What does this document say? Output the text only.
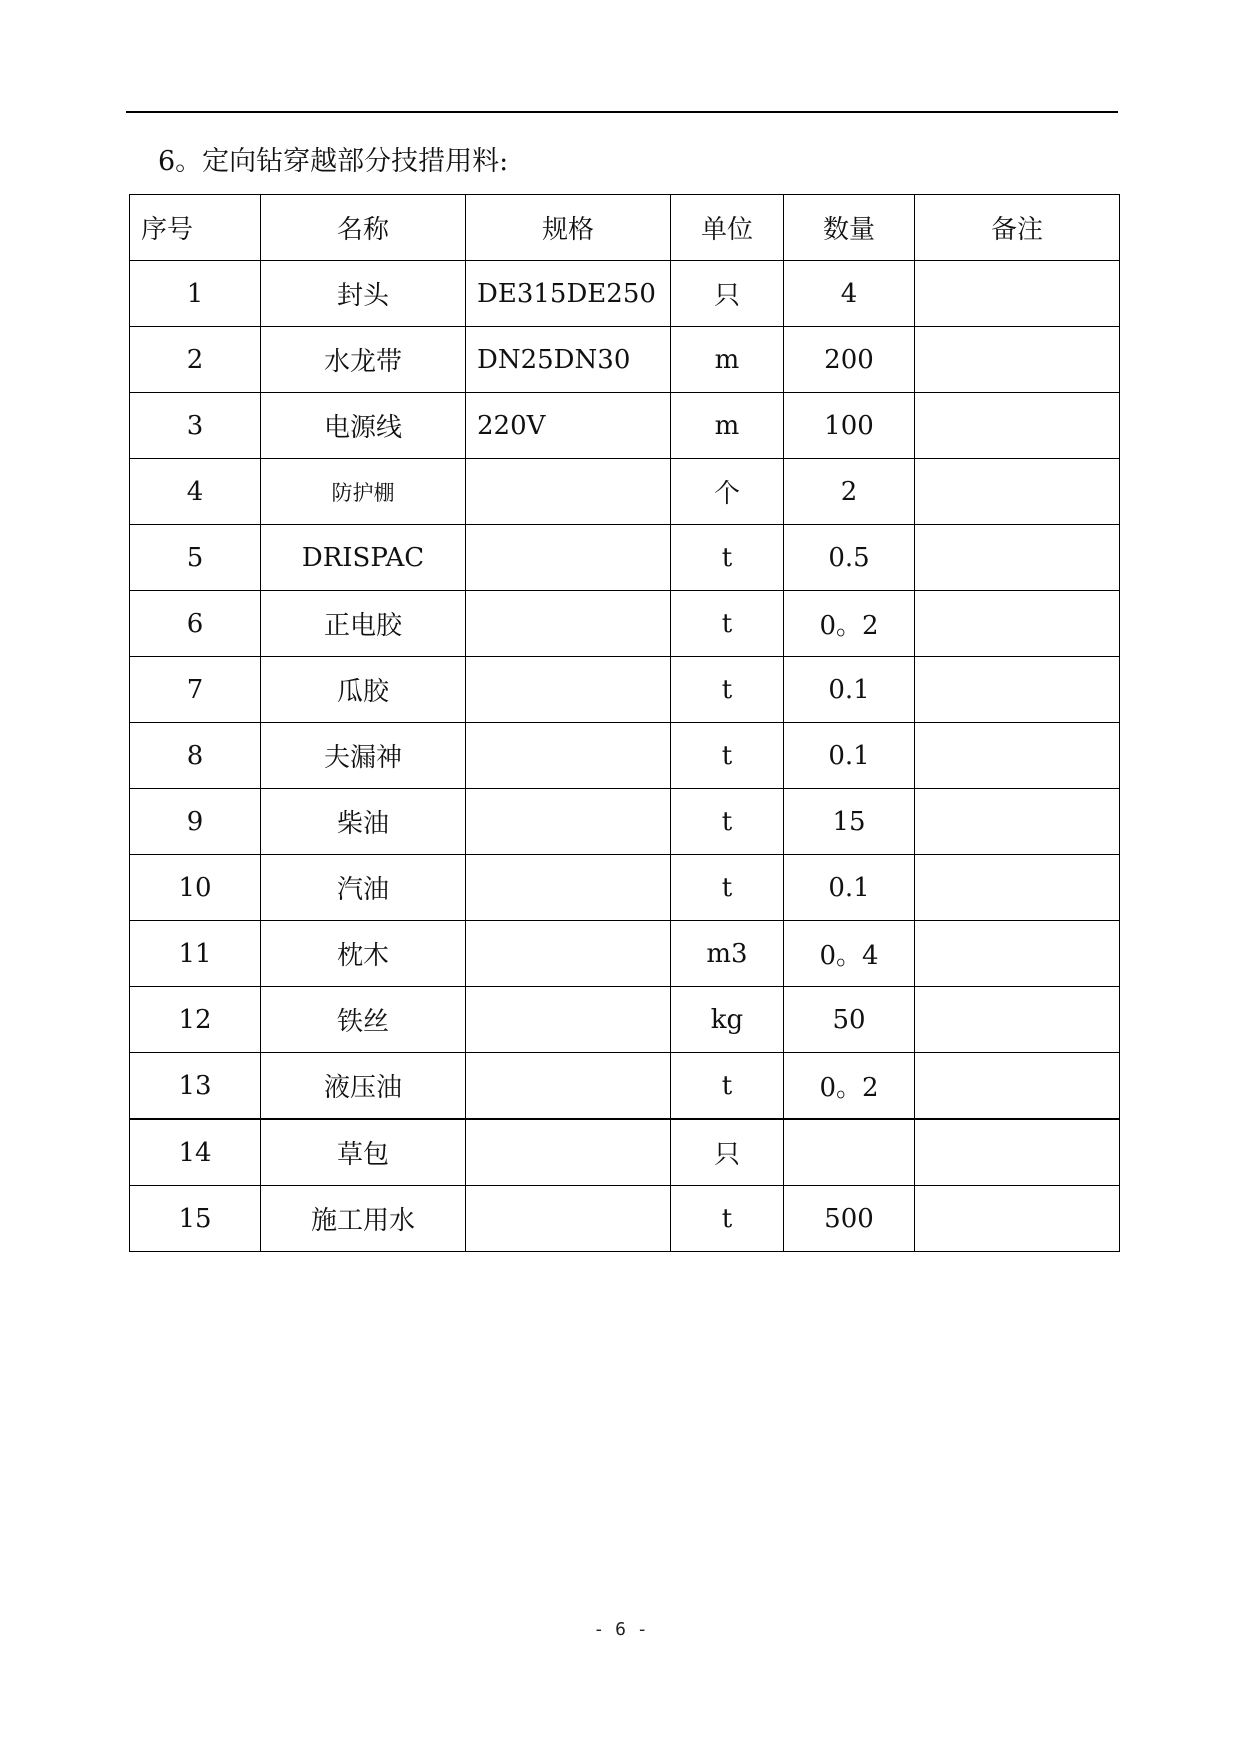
6。定向钻穿越部分技措用料:
序号	名称	规格	单位	数量	备注
1	封头	DE315DE250	只	4	
2	水龙带	DN25DN30	m	200	
3	电源线	220V	m	100	
4	防护棚		个	2	
5	DRISPAC		t	0.5	
6	正电胶		t	0。2	
7	瓜胶		t	0.1	
8	夫漏神		t	0.1	
9	柴油		t	15	
10	汽油		t	0.1	
11	枕木		m3	0。4	
12	铁丝		kg	50	
13	液压油		t	0。2	
14	草包		只		
15	施工用水		t	500	
- 6 -
